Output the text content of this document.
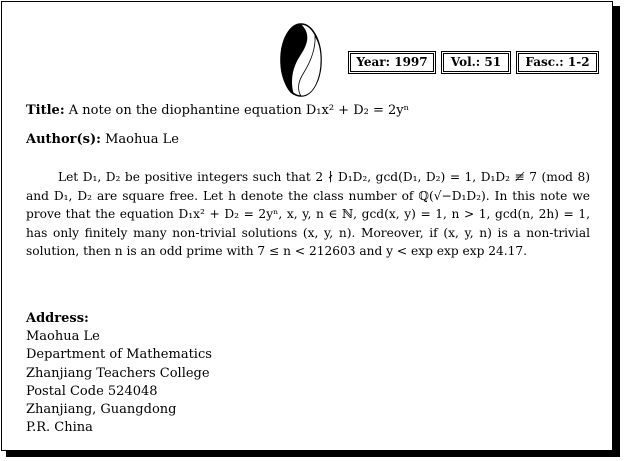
Year: 1997	Vol.: 51	Fasc.: 1-2
Title: A note on the diophantine equation D₁x² + D₂ = 2yⁿ
Author(s): Maohua Le

Let D₁, D₂ be positive integers such that 2 ∤ D₁D₂, gcd(D₁, D₂) = 1, D₁D₂ ≢ 7 (mod 8) and D₁, D₂ are square free. Let h denote the class number of ℚ(√−D₁D₂). In this note we prove that the equation D₁x² + D₂ = 2yⁿ, x, y, n ∈ ℕ, gcd(x, y) = 1, n > 1, gcd(n, 2h) = 1, has only finitely many non-trivial solutions (x, y, n). Moreover, if (x, y, n) is a non-trivial solution, then n is an odd prime with 7 ≤ n < 212603 and y < exp exp exp 24.17.

Address:
Maohua Le
Department of Mathematics
Zhanjiang Teachers College
Postal Code 524048
Zhanjiang, Guangdong
P.R. China
